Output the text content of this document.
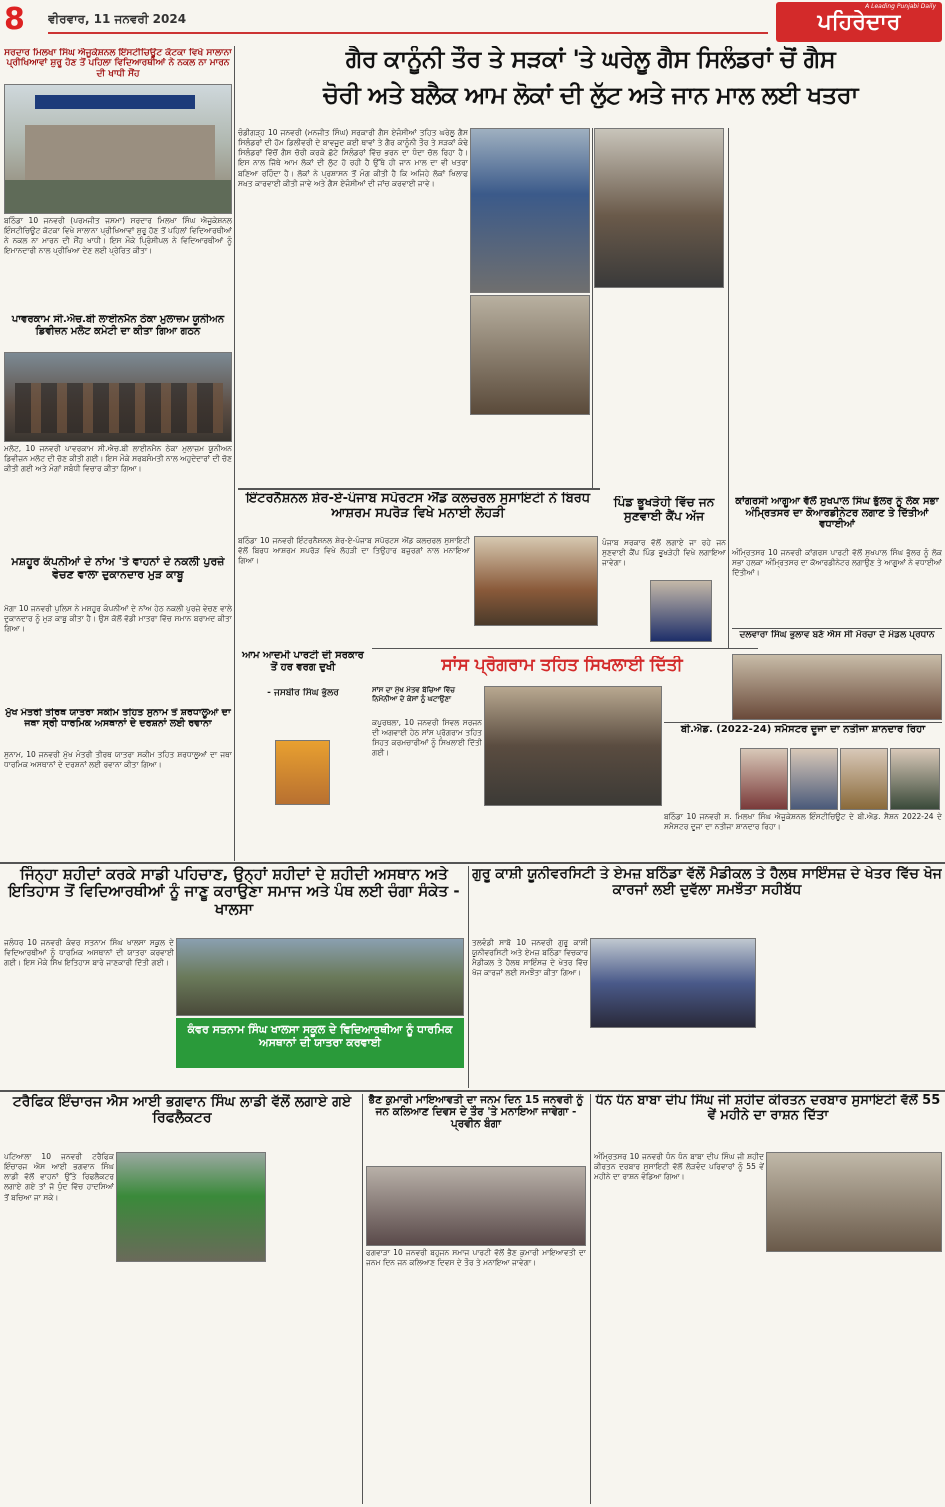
8 ਵੀਰਵਾਰ, 11 ਜਨਵਰੀ 2024
A Leading Punjabi Daily
ਪਹਿਰੇਦਾਰ
ਗੈਰ ਕਾਨੂੰਨੀ ਤੌਰ ਤੇ ਸੜਕਾਂ 'ਤੇ ਘਰੇਲੂ ਗੈਸ ਸਿਲੰਡਰਾਂ ਚੋਂ ਗੈਸ
ਚੋਰੀ ਅਤੇ ਬਲੈਕ ਆਮ ਲੋਕਾਂ ਦੀ ਲੁੱਟ ਅਤੇ ਜਾਨ ਮਾਲ ਲਈ ਖਤਰਾ
ਸਰਦਾਰ ਮਿਲਖਾ ਸਿੰਘ ਐਜੂਕੇਸ਼ਨਲ ਇੰਸਟੀਚਿਊਟ ਕੋਟਕਾ ਵਿਖੇ ਸਾਲਾਨਾ ਪ੍ਰੀਖਿਆਵਾਂ ਸ਼ੁਰੂ ਹੋਣ ਤੋਂ ਪਹਿਲਾ ਵਿਦਿਆਰਥੀਆਂ ਨੇ ਨਕਲ ਨਾ ਮਾਰਨ ਦੀ ਖਾਧੀ ਸੌਂਹ
ਬਠਿੰਡਾ 10 ਜਨਵਰੀ (ਪਰਮਜੀਤ ਜਸਮਾ) ਸਰਦਾਰ ਮਿਲਖਾ ਸਿੰਘ ਐਜੂਕੇਸ਼ਨਲ ਇੰਸਟੀਚਿਊਟ ਕੋਟਕਾ ਵਿਖੇ ਸਾਲਾਨਾ ਪ੍ਰੀਖਿਆਵਾਂ ਸ਼ੁਰੂ ਹੋਣ ਤੋਂ ਪਹਿਲਾਂ ਵਿਦਿਆਰਥੀਆਂ ਨੇ ਨਕਲ ਨਾ ਮਾਰਨ ਦੀ ਸੌਂਹ ਖਾਧੀ। ਇਸ ਮੌਕੇ ਪ੍ਰਿੰਸੀਪਲ ਨੇ ਵਿਦਿਆਰਥੀਆਂ ਨੂੰ ਇਮਾਨਦਾਰੀ ਨਾਲ ਪ੍ਰੀਖਿਆ ਦੇਣ ਲਈ ਪ੍ਰੇਰਿਤ ਕੀਤਾ।
ਪਾਵਰਕਾਮ ਸੀ.ਐਚ.ਬੀ ਲਾਈਨਮੈਨ ਠੇਕਾ ਮੁਲਾਜ਼ਮ ਯੂਨੀਅਨ ਡਿਵੀਜ਼ਨ ਮਲੋਟ ਕਮੇਟੀ ਦਾ ਕੀਤਾ ਗਿਆ ਗਠਨ
ਮਲੋਟ, 10 ਜਨਵਰੀ ਪਾਵਰਕਾਮ ਸੀ.ਐਚ.ਬੀ ਲਾਈਨਮੈਨ ਠੇਕਾ ਮੁਲਾਜ਼ਮ ਯੂਨੀਅਨ ਡਿਵੀਜ਼ਨ ਮਲੋਟ ਦੀ ਚੋਣ ਕੀਤੀ ਗਈ। ਇਸ ਮੌਕੇ ਸਰਬਸੰਮਤੀ ਨਾਲ ਅਹੁਦੇਦਾਰਾਂ ਦੀ ਚੋਣ ਕੀਤੀ ਗਈ ਅਤੇ ਮੰਗਾਂ ਸਬੰਧੀ ਵਿਚਾਰ ਕੀਤਾ ਗਿਆ।
ਮਸ਼ਹੂਰ ਕੰਪਨੀਆਂ ਦੇ ਨਾਂਅ 'ਤੇ ਵਾਹਨਾਂ ਦੇ ਨਕਲੀ ਪੁਰਜ਼ੇ ਵੇਚਣ ਵਾਲਾ ਦੁਕਾਨਦਾਰ ਮੁੜ ਕਾਬੂ
ਮੋਗਾ 10 ਜਨਵਰੀ ਪੁਲਿਸ ਨੇ ਮਸ਼ਹੂਰ ਕੰਪਨੀਆਂ ਦੇ ਨਾਂਅ ਹੇਠ ਨਕਲੀ ਪੁਰਜ਼ੇ ਵੇਚਣ ਵਾਲੇ ਦੁਕਾਨਦਾਰ ਨੂੰ ਮੁੜ ਕਾਬੂ ਕੀਤਾ ਹੈ। ਉਸ ਕੋਲੋਂ ਵੱਡੀ ਮਾਤਰਾ ਵਿੱਚ ਸਮਾਨ ਬਰਾਮਦ ਕੀਤਾ ਗਿਆ।
ਮੁੱਖ ਮੰਤਰੀ ਤੀਰਥ ਯਾਤਰਾ ਸਕੀਮ ਤਹਿਤ ਸੁਨਾਮ ਤੋਂ ਸ਼ਰਧਾਲੂਆਂ ਦਾ ਜਥਾ ਸ੍ਰੀ ਧਾਰਮਿਕ ਅਸਥਾਨਾਂ ਦੇ ਦਰਸ਼ਨਾਂ ਲਈ ਰਵਾਨਾ
ਸੁਨਾਮ, 10 ਜਨਵਰੀ ਮੁੱਖ ਮੰਤਰੀ ਤੀਰਥ ਯਾਤਰਾ ਸਕੀਮ ਤਹਿਤ ਸ਼ਰਧਾਲੂਆਂ ਦਾ ਜਥਾ ਧਾਰਮਿਕ ਅਸਥਾਨਾਂ ਦੇ ਦਰਸ਼ਨਾਂ ਲਈ ਰਵਾਨਾ ਕੀਤਾ ਗਿਆ।
ਚੰਡੀਗੜ੍ਹ 10 ਜਨਵਰੀ (ਮਨਜੀਤ ਸਿੰਘ) ਸਰਕਾਰੀ ਗੈਸ ਏਜੰਸੀਆਂ ਤਹਿਤ ਘਰੇਲੂ ਗੈਸ ਸਿਲੰਡਰਾਂ ਦੀ ਹੋਮ ਡਿਲੀਵਰੀ ਦੇ ਬਾਵਜੂਦ ਕਈ ਥਾਵਾਂ ਤੇ ਗੈਰ ਕਾਨੂੰਨੀ ਤੌਰ ਤੇ ਸੜਕਾਂ ਕੰਢੇ ਸਿਲੰਡਰਾਂ ਵਿੱਚੋਂ ਗੈਸ ਚੋਰੀ ਕਰਕੇ ਛੋਟੇ ਸਿਲੰਡਰਾਂ ਵਿੱਚ ਭਰਨ ਦਾ ਧੰਦਾ ਚੱਲ ਰਿਹਾ ਹੈ। ਇਸ ਨਾਲ ਜਿੱਥੇ ਆਮ ਲੋਕਾਂ ਦੀ ਲੁੱਟ ਹੋ ਰਹੀ ਹੈ ਉੱਥੇ ਹੀ ਜਾਨ ਮਾਲ ਦਾ ਵੀ ਖਤਰਾ ਬਣਿਆ ਰਹਿੰਦਾ ਹੈ। ਲੋਕਾਂ ਨੇ ਪ੍ਰਸ਼ਾਸਨ ਤੋਂ ਮੰਗ ਕੀਤੀ ਹੈ ਕਿ ਅਜਿਹੇ ਲੋਕਾਂ ਖਿਲਾਫ ਸਖ਼ਤ ਕਾਰਵਾਈ ਕੀਤੀ ਜਾਵੇ ਅਤੇ ਗੈਸ ਏਜੰਸੀਆਂ ਦੀ ਜਾਂਚ ਕਰਵਾਈ ਜਾਵੇ।
ਇੰਟਰਨੈਸ਼ਨਲ ਸ਼ੇਰ-ਏ-ਪੰਜਾਬ ਸਪੋਰਟਸ ਐਂਡ ਕਲਚਰਲ ਸੁਸਾਇਟੀ ਨੇ ਬਿਰਧ ਆਸ਼ਰਮ ਸਪਰੋੜ ਵਿਖੇ ਮਨਾਈ ਲੋਹੜੀ
ਬਠਿੰਡਾ 10 ਜਨਵਰੀ ਇੰਟਰਨੈਸ਼ਨਲ ਸ਼ੇਰ-ਏ-ਪੰਜਾਬ ਸਪੋਰਟਸ ਐਂਡ ਕਲਚਰਲ ਸੁਸਾਇਟੀ ਵੱਲੋਂ ਬਿਰਧ ਆਸ਼ਰਮ ਸਪਰੋੜ ਵਿਖੇ ਲੋਹੜੀ ਦਾ ਤਿਉਹਾਰ ਬਜ਼ੁਰਗਾਂ ਨਾਲ ਮਨਾਇਆ ਗਿਆ।
ਆਮ ਆਦਮੀ ਪਾਰਟੀ ਦੀ ਸਰਕਾਰ ਤੋਂ ਹਰ ਵਰਗ ਦੁਖੀ
- ਜਸਬੀਰ ਸਿੰਘ ਭੁੱਲਰ
ਸਾਂਸ ਪ੍ਰੋਗਰਾਮ ਤਹਿਤ ਸਿਖਲਾਈ ਦਿੱਤੀ
ਸਾਂਸ ਦਾ ਮੁੱਖ ਮੰਤਵ ਬੱਚਿਆਂ ਵਿੱਚ ਨਿਮੋਨੀਆ ਦੇ ਕੇਸਾਂ ਨੂੰ ਘਟਾਉਣਾ
ਕਪੂਰਥਲਾ, 10 ਜਨਵਰੀ ਸਿਵਲ ਸਰਜਨ ਦੀ ਅਗਵਾਈ ਹੇਠ ਸਾਂਸ ਪ੍ਰੋਗਰਾਮ ਤਹਿਤ ਸਿਹਤ ਕਰਮਚਾਰੀਆਂ ਨੂੰ ਸਿਖਲਾਈ ਦਿੱਤੀ ਗਈ।
ਪਿੰਡ ਭੂਖੜੇਹੀ ਵਿੱਚ ਜਨ ਸੁਣਵਾਈ ਕੈਂਪ ਅੱਜ
ਪੰਜਾਬ ਸਰਕਾਰ ਵੱਲੋਂ ਲਗਾਏ ਜਾ ਰਹੇ ਜਨ ਸੁਣਵਾਈ ਕੈਂਪ ਪਿੰਡ ਭੂਖੜੇਹੀ ਵਿਖੇ ਲਗਾਇਆ ਜਾਵੇਗਾ।
ਕਾਂਗਰਸੀ ਆਗੂਆ ਵੱਲੋਂ ਸੁਖਪਾਲ ਸਿੰਘ ਭੁੱਲਰ ਨੂੰ ਲੋਕ ਸਭਾ ਅੰਮ੍ਰਿਤਸਰ ਦਾ ਕੋਆਰਡੀਨੇਟਰ ਲਗਾਣ ਤੇ ਦਿੱਤੀਆਂ ਵਧਾਈਆਂ
ਅੰਮ੍ਰਿਤਸਰ 10 ਜਨਵਰੀ ਕਾਂਗਰਸ ਪਾਰਟੀ ਵੱਲੋਂ ਸੁਖਪਾਲ ਸਿੰਘ ਭੁੱਲਰ ਨੂੰ ਲੋਕ ਸਭਾ ਹਲਕਾ ਅੰਮ੍ਰਿਤਸਰ ਦਾ ਕੋਆਰਡੀਨੇਟਰ ਲਗਾਉਣ ਤੇ ਆਗੂਆਂ ਨੇ ਵਧਾਈਆਂ ਦਿੱਤੀਆਂ।
ਦਲਵਾਰਾ ਸਿੰਘ ਭੁਲਾਵ ਬਣੇ ਐਸ ਸੀ ਮੋਰਚਾ ਦੇ ਮੰਡਲ ਪ੍ਰਧਾਨ
ਬੀ.ਐਡ. (2022-24) ਸਮੈਸਟਰ ਦੂਜਾ ਦਾ ਨਤੀਜਾ ਸ਼ਾਨਦਾਰ ਰਿਹਾ
ਬਠਿੰਡਾ 10 ਜਨਵਰੀ ਸ. ਮਿਲਖਾ ਸਿੰਘ ਐਜੂਕੇਸ਼ਨਲ ਇੰਸਟੀਚਿਊਟ ਦੇ ਬੀ.ਐਡ. ਸੈਸ਼ਨ 2022-24 ਦੇ ਸਮੈਸਟਰ ਦੂਜਾ ਦਾ ਨਤੀਜਾ ਸ਼ਾਨਦਾਰ ਰਿਹਾ।
ਜਿੰਨ੍ਹਾ ਸ਼ਹੀਦਾਂ ਕਰਕੇ ਸਾਡੀ ਪਹਿਚਾਣ, ਉਨ੍ਹਾਂ ਸ਼ਹੀਦਾਂ ਦੇ ਸ਼ਹੀਦੀ ਅਸਥਾਨ ਅਤੇ ਇਤਿਹਾਸ ਤੋਂ ਵਿਦਿਆਰਥੀਆਂ ਨੂੰ ਜਾਣੂ ਕਰਾਉਣਾ ਸਮਾਜ ਅਤੇ ਪੰਥ ਲਈ ਚੰਗਾ ਸੰਕੇਤ - ਖਾਲਸਾ
ਜਲੰਧਰ 10 ਜਨਵਰੀ ਕੰਵਰ ਸਤਨਾਮ ਸਿੰਘ ਖਾਲਸਾ ਸਕੂਲ ਦੇ ਵਿਦਿਆਰਥੀਆਂ ਨੂੰ ਧਾਰਮਿਕ ਅਸਥਾਨਾਂ ਦੀ ਯਾਤਰਾ ਕਰਵਾਈ ਗਈ। ਇਸ ਮੌਕੇ ਸਿੱਖ ਇਤਿਹਾਸ ਬਾਰੇ ਜਾਣਕਾਰੀ ਦਿੱਤੀ ਗਈ।
ਕੰਵਰ ਸਤਨਾਮ ਸਿੰਘ ਖਾਲਸਾ ਸਕੂਲ ਦੇ ਵਿਦਿਆਰਥੀਆ ਨੂੰ ਧਾਰਮਿਕ ਅਸਥਾਨਾਂ ਦੀ ਯਾਤਰਾ ਕਰਵਾਈ
ਗੁਰੂ ਕਾਸ਼ੀ ਯੂਨੀਵਰਸਿਟੀ ਤੇ ਏਮਜ਼ ਬਠਿੰਡਾ ਵੱਲੋਂ ਮੈਡੀਕਲ ਤੇ ਹੈਲਥ ਸਾਇੰਸਜ਼ ਦੇ ਖੇਤਰ ਵਿੱਚ ਖੋਜ ਕਾਰਜਾਂ ਲਈ ਦੁਵੱਲਾ ਸਮਝੌਤਾ ਸਹੀਬੱਧ
ਤਲਵੰਡੀ ਸਾਬੋ 10 ਜਨਵਰੀ ਗੁਰੂ ਕਾਸ਼ੀ ਯੂਨੀਵਰਸਿਟੀ ਅਤੇ ਏਮਜ਼ ਬਠਿੰਡਾ ਵਿਚਕਾਰ ਮੈਡੀਕਲ ਤੇ ਹੈਲਥ ਸਾਇੰਸਜ਼ ਦੇ ਖੇਤਰ ਵਿੱਚ ਖੋਜ ਕਾਰਜਾਂ ਲਈ ਸਮਝੌਤਾ ਕੀਤਾ ਗਿਆ।
ਟਰੈਫਿਕ ਇੰਚਾਰਜ ਐਸ ਆਈ ਭਗਵਾਨ ਸਿੰਘ ਲਾਡੀ ਵੱਲੋਂ ਲਗਾਏ ਗਏ ਰਿਫਲੈਕਟਰ
ਪਟਿਆਲਾ 10 ਜਨਵਰੀ ਟਰੈਫਿਕ ਇੰਚਾਰਜ ਐਸ ਆਈ ਭਗਵਾਨ ਸਿੰਘ ਲਾਡੀ ਵੱਲੋਂ ਵਾਹਨਾਂ ਉੱਤੇ ਰਿਫਲੈਕਟਰ ਲਗਾਏ ਗਏ ਤਾਂ ਜੋ ਧੁੰਦ ਵਿੱਚ ਹਾਦਸਿਆਂ ਤੋਂ ਬਚਿਆ ਜਾ ਸਕੇ।
ਭੈਣ ਕੁਮਾਰੀ ਮਾਇਆਵਤੀ ਦਾ ਜਨਮ ਦਿਨ 15 ਜਨਵਰੀ ਨੂੰ ਜਨ ਕਲਿਆਣ ਦਿਵਸ ਦੇ ਤੌਰ 'ਤੇ ਮਨਾਇਆ ਜਾਵੇਗਾ - ਪ੍ਰਵੀਨ ਬੰਗਾ
ਫਗਵਾੜਾ 10 ਜਨਵਰੀ ਬਹੁਜਨ ਸਮਾਜ ਪਾਰਟੀ ਵੱਲੋਂ ਭੈਣ ਕੁਮਾਰੀ ਮਾਇਆਵਤੀ ਦਾ ਜਨਮ ਦਿਨ ਜਨ ਕਲਿਆਣ ਦਿਵਸ ਦੇ ਤੌਰ ਤੇ ਮਨਾਇਆ ਜਾਵੇਗਾ।
ਧੰਨ ਧੰਨ ਬਾਬਾ ਦੀਪ ਸਿੰਘ ਜੀ ਸ਼ਹੀਦ ਕੀਰਤਨ ਦਰਬਾਰ ਸੁਸਾਇਟੀ ਵੱਲੋਂ 55 ਵੇਂ ਮਹੀਨੇ ਦਾ ਰਾਸ਼ਨ ਦਿੱਤਾ
ਅੰਮ੍ਰਿਤਸਰ 10 ਜਨਵਰੀ ਧੰਨ ਧੰਨ ਬਾਬਾ ਦੀਪ ਸਿੰਘ ਜੀ ਸ਼ਹੀਦ ਕੀਰਤਨ ਦਰਬਾਰ ਸੁਸਾਇਟੀ ਵੱਲੋਂ ਲੋੜਵੰਦ ਪਰਿਵਾਰਾਂ ਨੂੰ 55 ਵੇਂ ਮਹੀਨੇ ਦਾ ਰਾਸ਼ਨ ਵੰਡਿਆ ਗਿਆ।
